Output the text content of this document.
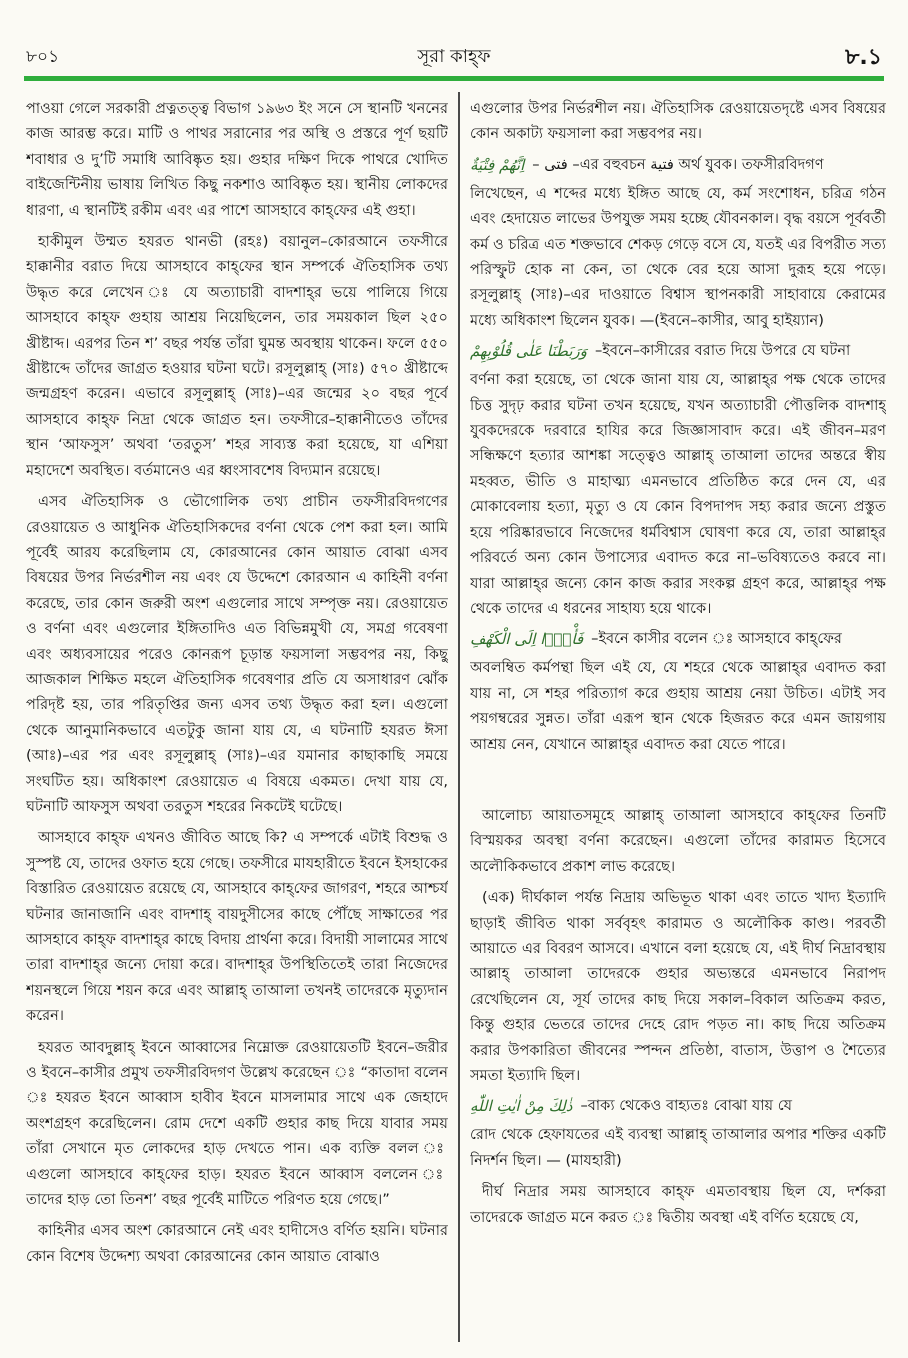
৮০১	সূরা কাহ্‌ফ	৮.১

পাওয়া গেলে সরকারী প্রত্নতত্ত্ব বিভাগ ১৯৬৩ ইং সনে সে স্থানটি খননের কাজ আরম্ভ করে। মাটি ও পাথর সরানোর পর অস্থি ও প্রস্তরে পূর্ণ ছয়টি শবাধার ও দু’টি সমাধি আবিষ্কৃত হয়। গুহার দক্ষিণ দিকে পাথরে খোদিত বাইজেন্টিনীয় ভাষায় লিখিত কিছু নকশাও আবিষ্কৃত হয়। স্থানীয় লোকদের ধারণা, এ স্থানটিই রকীম এবং এর পাশে আসহাবে কাহ্‌ফের এই গুহা।

হাকীমুল উম্মত হযরত থানভী (রহঃ) বয়ানুল–কোরআনে তফসীরে হাক্কানীর বরাত দিয়ে আসহাবে কাহ্‌ফের স্থান সম্পর্কে ঐতিহাসিক তথ্য উদ্ধৃত করে লেখেন ঃ যে অত্যাচারী বাদশাহ্‌র ভয়ে পালিয়ে গিয়ে আসহাবে কাহ্‌ফ গুহায় আশ্রয় নিয়েছিলেন, তার সময়কাল ছিল ২৫০ খ্রীষ্টাব্দ। এরপর তিন শ’ বছর পর্যন্ত তাঁরা ঘুমন্ত অবস্থায় থাকেন। ফলে ৫৫০ খ্রীষ্টাব্দে তাঁদের জাগ্রত হওয়ার ঘটনা ঘটে। রসূলুল্লাহ্‌ (সাঃ) ৫৭০ খ্রীষ্টাব্দে জন্মগ্রহণ করেন। এভাবে রসূলুল্লাহ্‌ (সাঃ)–এর জন্মের ২০ বছর পূর্বে আসহাবে কাহ্‌ফ নিদ্রা থেকে জাগ্রত হন। তফসীরে–হাক্কানীতেও তাঁদের স্থান ‘আফসুস’ অথবা ‘তরতুস’ শহর সাব্যস্ত করা হয়েছে, যা এশিয়া মহাদেশে অবস্থিত। বর্তমানেও এর ধ্বংসাবশেষ বিদ্যমান রয়েছে।

এসব ঐতিহাসিক ও ভৌগোলিক তথ্য প্রাচীন তফসীরবিদগণের রেওয়ায়েত ও আধুনিক ঐতিহাসিকদের বর্ণনা থেকে পেশ করা হল। আমি পূর্বেই আরয করেছিলাম যে, কোরআনের কোন আয়াত বোঝা এসব বিষয়ের উপর নির্ভরশীল নয় এবং যে উদ্দেশে কোরআন এ কাহিনী বর্ণনা করেছে, তার কোন জরুরী অংশ এগুলোর সাথে সম্পৃক্ত নয়। রেওয়ায়েত ও বর্ণনা এবং এগুলোর ইঙ্গিতাদিও এত বিভিন্নমুখী যে, সমগ্র গবেষণা এবং অধ্যবসায়ের পরেও কোনরূপ চূড়ান্ত ফয়সালা সম্ভবপর নয়, কিছু আজকাল শিক্ষিত মহলে ঐতিহাসিক গবেষণার প্রতি যে অসাধারণ ঝোঁক পরিদৃষ্ট হয়, তার পরিতৃপ্তির জন্য এসব তথ্য উদ্ধৃত করা হল। এগুলো থেকে আনুমানিকভাবে এতটুকু জানা যায় যে, এ ঘটনাটি হযরত ঈসা (আঃ)–এর পর এবং রসূলুল্লাহ্‌ (সাঃ)–এর যমানার কাছাকাছি সময়ে সংঘটিত হয়। অধিকাংশ রেওয়ায়েত এ বিষয়ে একমত। দেখা যায় যে, ঘটনাটি আফসুস অথবা তরতুস শহরের নিকটেই ঘটেছে।

আসহাবে কাহ্‌ফ এখনও জীবিত আছে কি? এ সম্পর্কে এটাই বিশুদ্ধ ও সুস্পষ্ট যে, তাদের ওফাত হয়ে গেছে। তফসীরে মাযহারীতে ইবনে ইসহাকের বিস্তারিত রেওয়ায়েত রয়েছে যে, আসহাবে কাহ্‌ফের জাগরণ, শহরে আশ্চর্য ঘটনার জানাজানি এবং বাদশাহ্‌ বায়দুসীসের কাছে পৌঁছে সাক্ষাতের পর আসহাবে কাহ্‌ফ বাদশাহ্‌র কাছে বিদায় প্রার্থনা করে। বিদায়ী সালামের সাথে তারা বাদশাহ্‌র জন্যে দোয়া করে। বাদশাহ্‌র উপস্থিতিতেই তারা নিজেদের শয়নস্থলে গিয়ে শয়ন করে এবং আল্লাহ্‌ তাআলা তখনই তাদেরকে মৃত্যুদান করেন।

হযরত আবদুল্লাহ্‌ ইবনে আব্বাসের নিম্নোক্ত রেওয়ায়েতটি ইবনে–জরীর ও ইবনে–কাসীর প্রমুখ তফসীরবিদগণ উল্লেখ করেছেন ঃ “কাতাদা বলেন ঃ হযরত ইবনে আব্বাস হাবীব ইবনে মাসলামার সাথে এক জেহাদে অংশগ্রহণ করেছিলেন। রোম দেশে একটি গুহার কাছ দিয়ে যাবার সময় তাঁরা সেখানে মৃত লোকদের হাড় দেখতে পান। এক ব্যক্তি বলল ঃ এগুলো আসহাবে কাহ্‌ফের হাড়। হযরত ইবনে আব্বাস বললেন ঃ তাদের হাড় তো তিনশ’ বছর পূর্বেই মাটিতে পরিণত হয়ে গেছে।”

কাহিনীর এসব অংশ কোরআনে নেই এবং হাদীসেও বর্ণিত হয়নি। ঘটনার কোন বিশেষ উদ্দেশ্য অথবা কোরআনের কোন আয়াত বোঝাও

এগুলোর উপর নির্ভরশীল নয়। ঐতিহাসিক রেওয়ায়েতদৃষ্টে এসব বিষয়ের কোন অকাট্য ফয়সালা করা সম্ভবপর নয়।

اِنَّهُمْ فِتْيَةٌ – فتى –এর বহুবচন فتية অর্থ যুবক। তফসীরবিদগণ

লিখেছেন, এ শব্দের মধ্যে ইঙ্গিত আছে যে, কর্ম সংশোধন, চরিত্র গঠন এবং হেদায়েত লাভের উপযুক্ত সময় হচ্ছে যৌবনকাল। বৃদ্ধ বয়সে পূর্ববর্তী কর্ম ও চরিত্র এত শক্তভাবে শেকড় গেড়ে বসে যে, যতই এর বিপরীত সত্য পরিস্ফুট হোক না কেন, তা থেকে বের হয়ে আসা দুরূহ হয়ে পড়ে। রসূলুল্লাহ্‌ (সাঃ)–এর দাওয়াতে বিশ্বাস স্থাপনকারী সাহাবায়ে কেরামের মধ্যে অধিকাংশ ছিলেন যুবক। —(ইবনে–কাসীর, আবু হাইয়্যান)

وَرَبَطْنَا عَلٰى قُلُوْبِهِمْ –ইবনে–কাসীরের বরাত দিয়ে উপরে যে ঘটনা

বর্ণনা করা হয়েছে, তা থেকে জানা যায় যে, আল্লাহ্‌র পক্ষ থেকে তাদের চিত্ত সুদৃঢ় করার ঘটনা তখন হয়েছে, যখন অত্যাচারী পৌত্তলিক বাদশাহ্‌ যুবকদেরকে দরবারে হাযির করে জিজ্ঞাসাবাদ করে। এই জীবন–মরণ সন্ধিক্ষণে হত্যার আশঙ্কা সত্ত্বেও আল্লাহ্‌ তাআলা তাদের অন্তরে স্বীয় মহব্বত, ভীতি ও মাহাত্ম্য এমনভাবে প্রতিষ্ঠিত করে দেন যে, এর মোকাবেলায় হত্যা, মৃত্যু ও যে কোন বিপদাপদ সহ্য করার জন্যে প্রস্তুত হয়ে পরিষ্কারভাবে নিজেদের ধর্মবিশ্বাস ঘোষণা করে যে, তারা আল্লাহ্‌র পরিবর্তে অন্য কোন উপাস্যের এবাদত করে না–ভবিষ্যতেও করবে না। যারা আল্লাহ্‌র জন্যে কোন কাজ করার সংকল্প গ্রহণ করে, আল্লাহ্‌র পক্ষ থেকে তাদের এ ধরনের সাহায্য হয়ে থাকে।

فَأْوٗۤا اِلَى الْكَهْفِ –ইবনে কাসীর বলেন ঃ আসহাবে কাহ্‌ফের

অবলম্বিত কর্মপন্থা ছিল এই যে, যে শহরে থেকে আল্লাহ্‌র এবাদত করা যায় না, সে শহর পরিত্যাগ করে গুহায় আশ্রয় নেয়া উচিত। এটাই সব পয়গম্বরের সুন্নত। তাঁরা এরূপ স্থান থেকে হিজরত করে এমন জায়গায় আশ্রয় নেন, যেখানে আল্লাহ্‌র এবাদত করা যেতে পারে।

আলোচ্য আয়াতসমূহে আল্লাহ্‌ তাআলা আসহাবে কাহ্‌ফের তিনটি বিস্ময়কর অবস্থা বর্ণনা করেছেন। এগুলো তাঁদের কারামত হিসেবে অলৌকিকভাবে প্রকাশ লাভ করেছে।

(এক) দীর্ঘকাল পর্যন্ত নিদ্রায় অভিভূত থাকা এবং তাতে খাদ্য ইত্যাদি ছাড়াই জীবিত থাকা সর্ববৃহৎ কারামত ও অলৌকিক কাণ্ড। পরবর্তী আয়াতে এর বিবরণ আসবে। এখানে বলা হয়েছে যে, এই দীর্ঘ নিদ্রাবস্থায় আল্লাহ্‌ তাআলা তাদেরকে গুহার অভ্যন্তরে এমনভাবে নিরাপদ রেখেছিলেন যে, সূর্য তাদের কাছ দিয়ে সকাল–বিকাল অতিক্রম করত, কিন্তু গুহার ভেতরে তাদের দেহে রোদ পড়ত না। কাছ দিয়ে অতিক্রম করার উপকারিতা জীবনের স্পন্দন প্রতিষ্ঠা, বাতাস, উত্তাপ ও শৈত্যের সমতা ইত্যাদি ছিল।

ذٰلِكَ مِنْ اٰيٰتِ اللّٰهِ –বাক্য থেকেও বাহ্যতঃ বোঝা যায় যে

রোদ থেকে হেফাযতের এই ব্যবস্থা আল্লাহ্‌ তাআলার অপার শক্তির একটি নিদর্শন ছিল। — (মাযহারী)

দীর্ঘ নিদ্রার সময় আসহাবে কাহ্‌ফ এমতাবস্থায় ছিল যে, দর্শকরা তাদেরকে জাগ্রত মনে করত ঃ দ্বিতীয় অবস্থা এই বর্ণিত হয়েছে যে,
